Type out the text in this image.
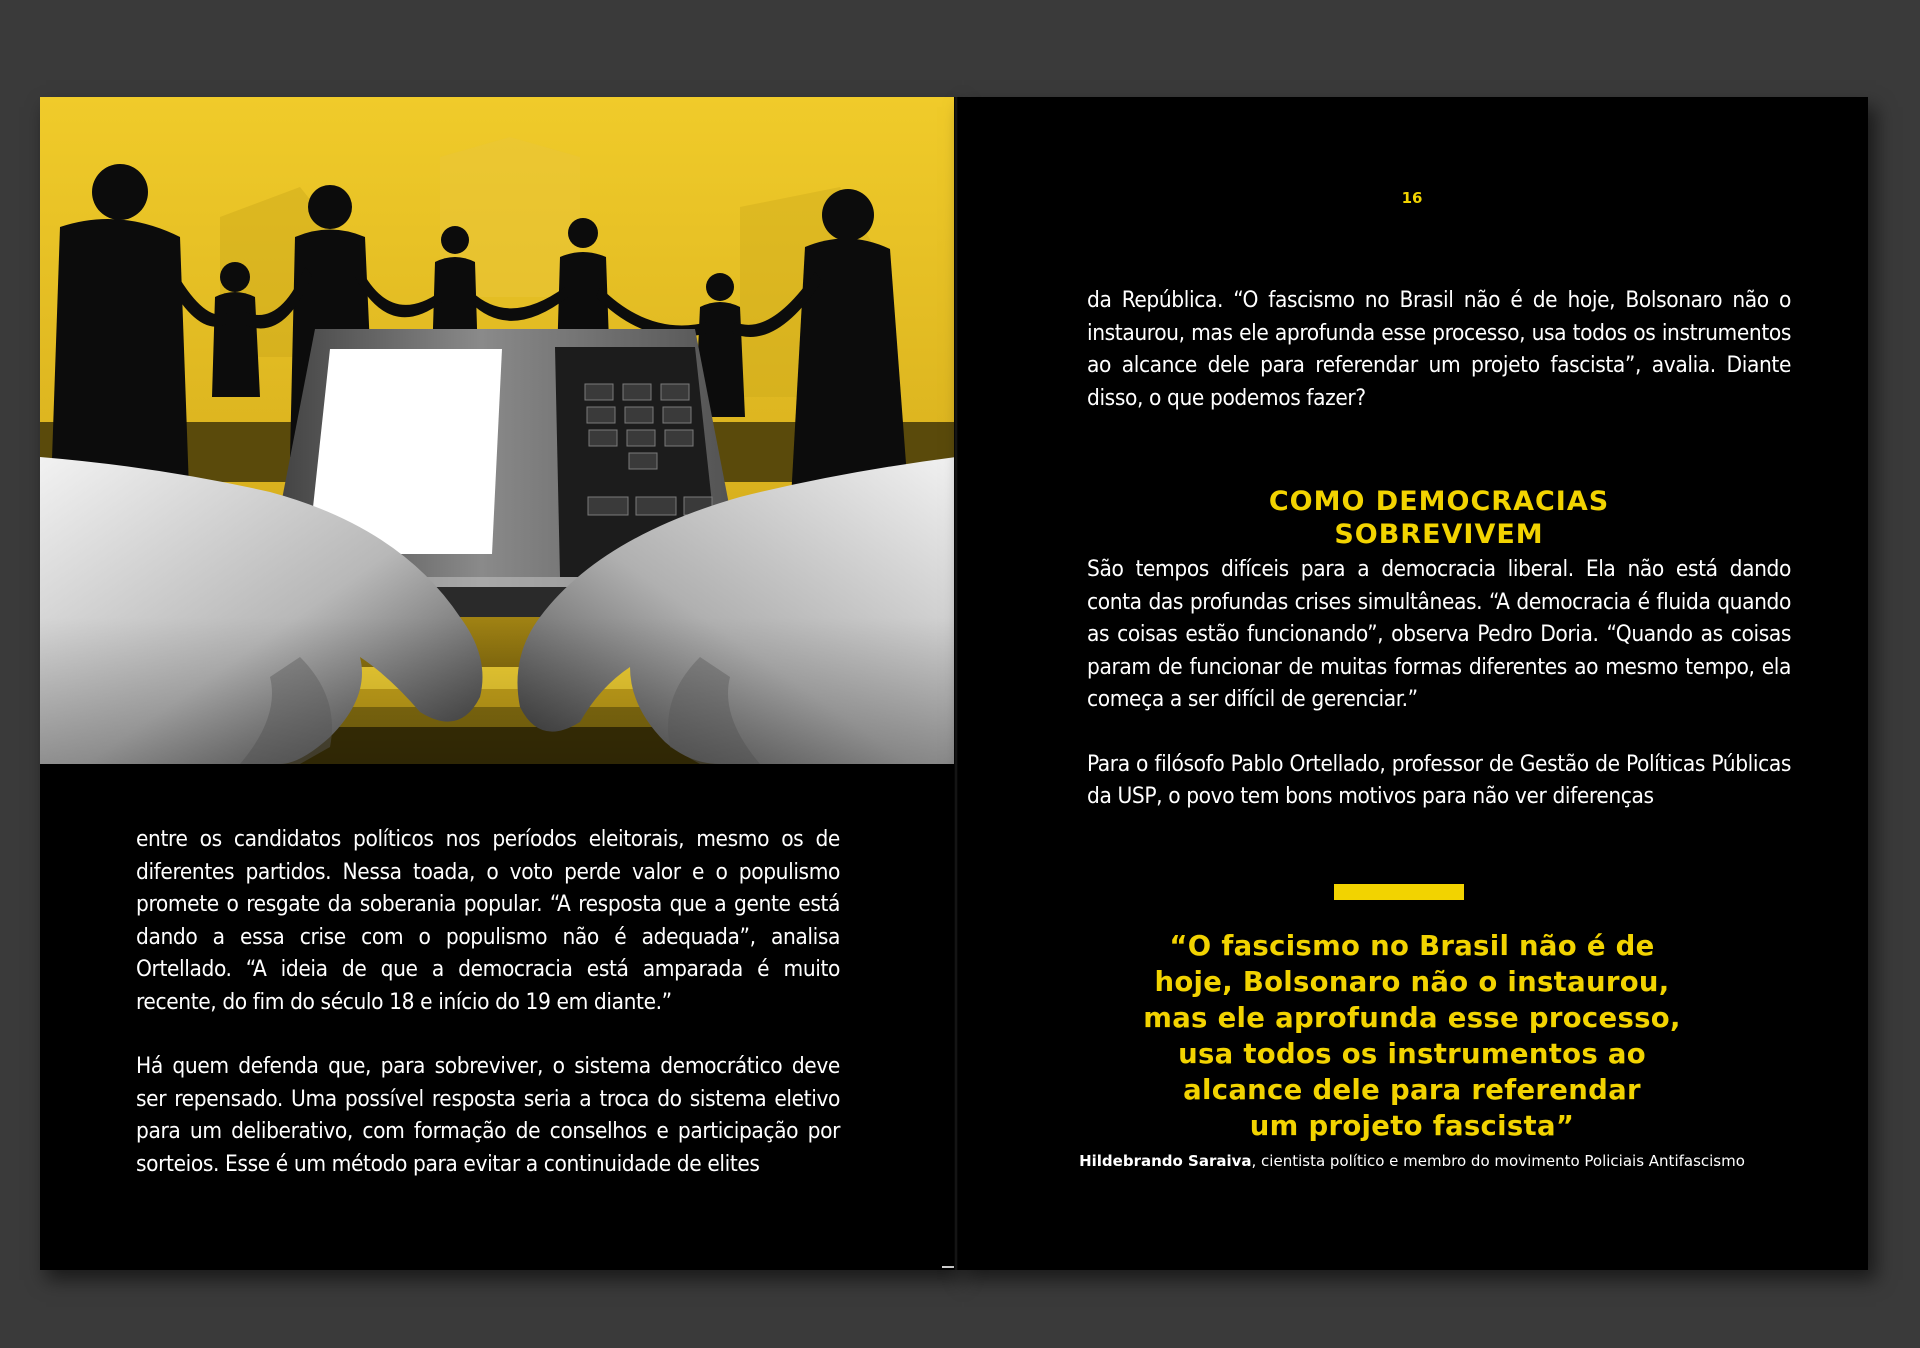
entre os candidatos políticos nos períodos eleitorais, mesmo os de diferentes partidos. Nessa toada, o voto perde valor e o populismo promete o resgate da soberania popular. “A resposta que a gente está dando a essa crise com o populismo não é adequada”, analisa Ortellado. “A ideia de que a democracia está amparada é muito recente, do fim do século 18 e início do 19 em diante.”

Há quem defenda que, para sobreviver, o sistema democrático deve ser repensado. Uma possível resposta seria a troca do sistema eletivo para um deliberativo, com formação de conselhos e participação por sorteios. Esse é um método para evitar a continuidade de elites

16

da República. “O fascismo no Brasil não é de hoje, Bolsonaro não o instaurou, mas ele aprofunda esse processo, usa todos os instrumentos ao alcance dele para referendar um projeto fascista”, avalia. Diante disso, o que podemos fazer?

COMO DEMOCRACIAS
SOBREVIVEM

São tempos difíceis para a democracia liberal. Ela não está dando conta das profundas crises simultâneas. “A democracia é fluida quando as coisas estão funcionando”, observa Pedro Doria. “Quando as coisas param de funcionar de muitas formas diferentes ao mesmo tempo, ela começa a ser difícil de gerenciar.”

Para o filósofo Pablo Ortellado, professor de Gestão de Políticas Públicas da USP, o povo tem bons motivos para não ver diferenças

“O fascismo no Brasil não é de
hoje, Bolsonaro não o instaurou,
mas ele aprofunda esse processo,
usa todos os instrumentos ao
alcance dele para referendar
um projeto fascista”
Hildebrando Saraiva, cientista político e membro do movimento Policiais Antifascismo
